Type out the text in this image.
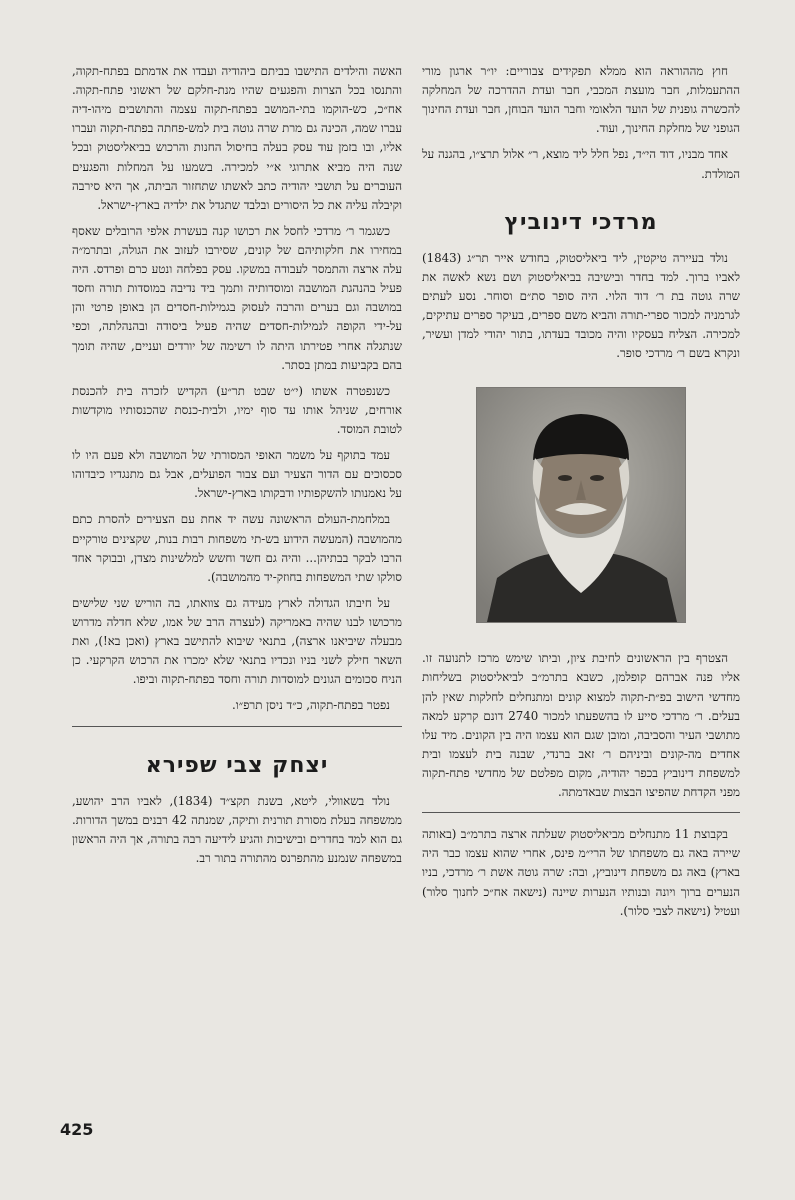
חוץ מההוראה הוא ממלא תפקידים צבוריים: יו״ר ארגון מורי ההתעמלות, חבר מועצת המכבי, חבר ועדת ההדרכה של המחלקה להכשרה גופנית של הועד הלאומי וחבר הועד הבוחן, חבר ועדת החינוך הגופני של מחלקת החינוך, ועוד.

אחד מבניו, דוד הי״ד, נפל חלל ליד מוצא, ר״ אלול תרצ״ו, בהגנה על המולדת.

מרדכי דינוביץ

נולד בעיירה טיקטין, ליד ביאליסטוק, בחודש אייר תר״ג (1843) לאביו ברוך. למד בחדר ובישיבה בביאליסטוק ושם נשא לאשה את שרה גוטה בת ר׳ דוד הלוי. היה סופר סת״ם וסוחר. נסע לעתים לגרמניה למכור ספרי-תורה והביא משם ספרים, בעיקר ספרים עתיקים, למכירה. הצליח בעסקיו והיה מכובד בעדתו, בתור יהודי למדן ועשיר, ונקרא בשם ר׳ מרדכי סופר.

הצטרף בין הראשונים לחיבת ציון, וביתו שימש מרכז לתנועה זו. אליו פנה אברהם קופלמן, כשבא בתרמ״ב לביאליסטוק בשליחות מחדשי הישוב בפ״ת-תקוה למצוא קונים ומתנחלים לחלקות שאין להן בעלים. ר׳ מרדכי סייע לו בהשפעתו למכור 2740 דונם קרקע למאה מתושבי העיר והסביבה, ומובן שגם הוא עצמו היה בין הקונים. מיד עלו אחדים מה-קונים וביניהם ר׳ זאב ברנדי, שבנה בית לעצמו ובית למשפחת דינוביץ בכפר יהודיה, מקום מפלטם של מחדשי פתח-תקוה מפני הקדחת שהפיצו הבצות שבאדמתה.

בקבוצת 11 מתנחלים מביאליסטוק שעלתה ארצה בתרמ״ב (באותה שיירה באה גם משפחתו של הרי״מ פינס, אחרי שהוא עצמו כבר היה בארץ) באה גם משפחת דינוביץ, ובה: שרה גוטה אשת ר׳ מרדכי, בניו הנערים ברוך ויונה ובנותיו הנערות שיינה (נישאה אח״כ לחנוך סלור) ועטיל (נישאה לצבי סלור).

האשה והילדים התישבו בביתם ביהודיה ועבדו את אדמתם בפתח-תקוה, והתנסו בכל הצרות והפגעים שהיו מנת-חלקם של ראשוני פתח-תקוה. אח״כ, כש-הוקמו בתי-המושב בפתח-תקוה עצמה והתושבים מיהו-דיה עברו שמה, הכינה גם מרת שרה גוטה בית למש-פחתה בפתח-תקוה ועברו אליו, ובו בזמן עוד עסק בעלה בחיסול החנות והרכוש בביאליסטוק ובכל שנה היה מביא אתרוגי א״י למכירה. בשמעו על המחלות והפגעים העוברים על תושבי יהודיה כתב לאשתו שתחזור הביתה, אך היא סירבה וקיבלה עליה את כל היסורים ובלבד שתגדל את ילדיה בארץ-ישראל.

כשגמר ר׳ מרדכי לחסל את רכושו קנה בעשרת אלפי הרובלים שאסף במחירו את חלקותיהם של קונים, שסירבו לעזוב את הגולה, ובתרמ״ה עלה ארצה והתמסר לעבודה במשקו. עסק בפלחה ונטע כרם ופרדס. היה פעיל בהנהגת המושבה ומוסדותיה ותמך ביד נדיבה במוסדות תורה וחסד במושבה וגם בערים והרבה לעסוק בגמילות-חסדים הן באופן פרטי והן על-ידי הקופה לגמילות-חסדים שהיה פעיל ביסודה ובהנהלתה, וכפי שנתגלה אחרי פטירתו היתה לו רשימה של יורדים ועניים, שהיה תומך בהם בקביעות במתן בסתר.

כשנפטרה אשתו (י״ט שבט תר״ע) הקדיש לזכרה בית להכנסת אורחים, שניהל אותו עד סוף ימיו, ולבית-כנסת שהכנסותיו מוקדשות לטובת המוסד.

עמד בתוקף על משמר האופי המסורתי של המושבה ולא פעם היו לו סכסוכים עם הדור הצעיר ועם צבור הפועלים, אבל גם מתנגדיו כיבדוהו על נאמנותו להשקפותיו ודבקותו בארץ-ישראל.

במלחמת-העולם הראשונה עשה יד אחת עם הצעירים להסרת כתם מהמושבה (המעשה הידוע בש-תי משפחות רבות בנות, שקצינים טורקיים הרבו לבקר בבתיהן... והיה גם חשד וחשש למלשינות מצדן, ובבוקר אחד סולקו שתי המשפחות בחוזק-יד מהמושבה).

על חיבתו הגדולה לארץ מעידה גם צוואתו, בה הוריש שני שלישים מרכושו לבנו שהיה באמריקה (לעצרה הרב של אמו, שלא חדלה מדרוש מבעלה שיביאנו ארצה), בתנאי שיבוא להתישב בארץ (ואכן בא!), ואת השאר חילק לשני בניו ונכדיו בתנאי שלא ימכרו את הרכוש הקרקעי. כן הניח סכומים הגונים למוסדות תורה וחסד בפתח-תקוה וביפו.

נפטר בפתח-תקוה, כ״ד ניסן תרפ״ו.

יצחק צבי שפירא

נולד בשאוולי, ליטא, בשנת תקצ״ד (1834), לאביו הרב יהושע, ממשפחה בעלת מסורת תורנית ותיקה, שמנתה 42 רבנים במשך הדורות. גם הוא למד בחדרים ובישיבות והגיע לידיעה רבה בתורה, אך היה הראשון במשפחה שנמנע מהתפרנס מהתורה בתור רב.

425
